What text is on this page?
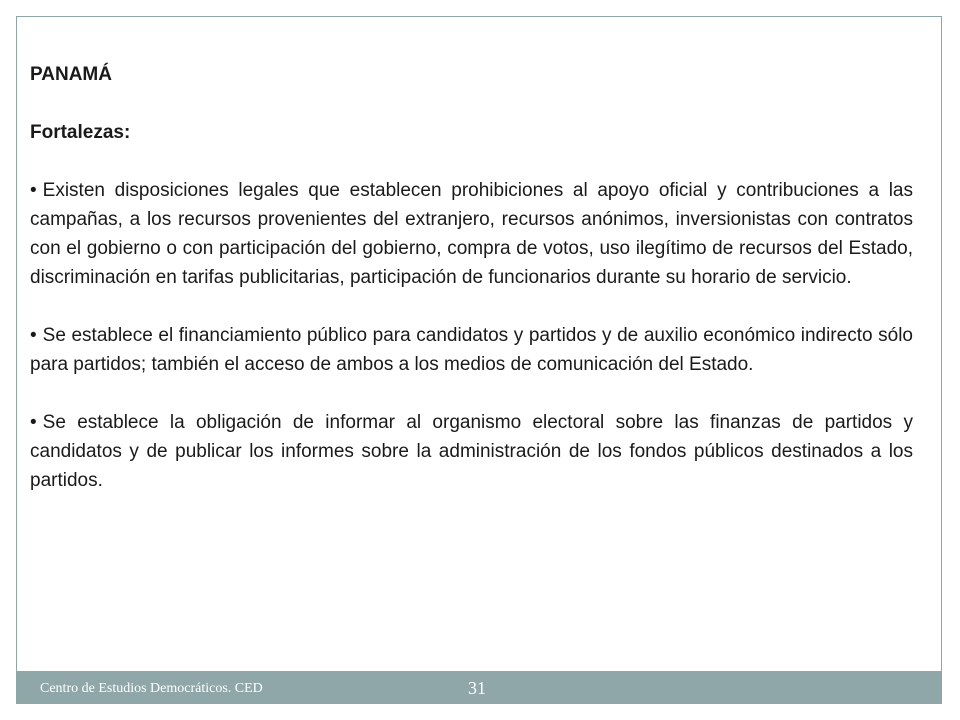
PANAMÁ
Fortalezas:
• Existen disposiciones legales que establecen prohibiciones al apoyo oficial y contribuciones a las campañas, a los recursos provenientes del extranjero, recursos anónimos, inversionistas con contratos con el gobierno o con participación del gobierno, compra de votos, uso ilegítimo de recursos del Estado, discriminación en tarifas publicitarias, participación de funcionarios durante su horario de servicio.
• Se establece el financiamiento público para candidatos y partidos y de auxilio económico indirecto sólo para partidos; también el acceso de ambos a los medios de comunicación del Estado.
• Se establece la obligación de informar al organismo electoral sobre las finanzas de partidos y candidatos y de publicar los informes sobre la administración de los fondos públicos destinados a los partidos.
Centro de Estudios Democráticos. CED	31
